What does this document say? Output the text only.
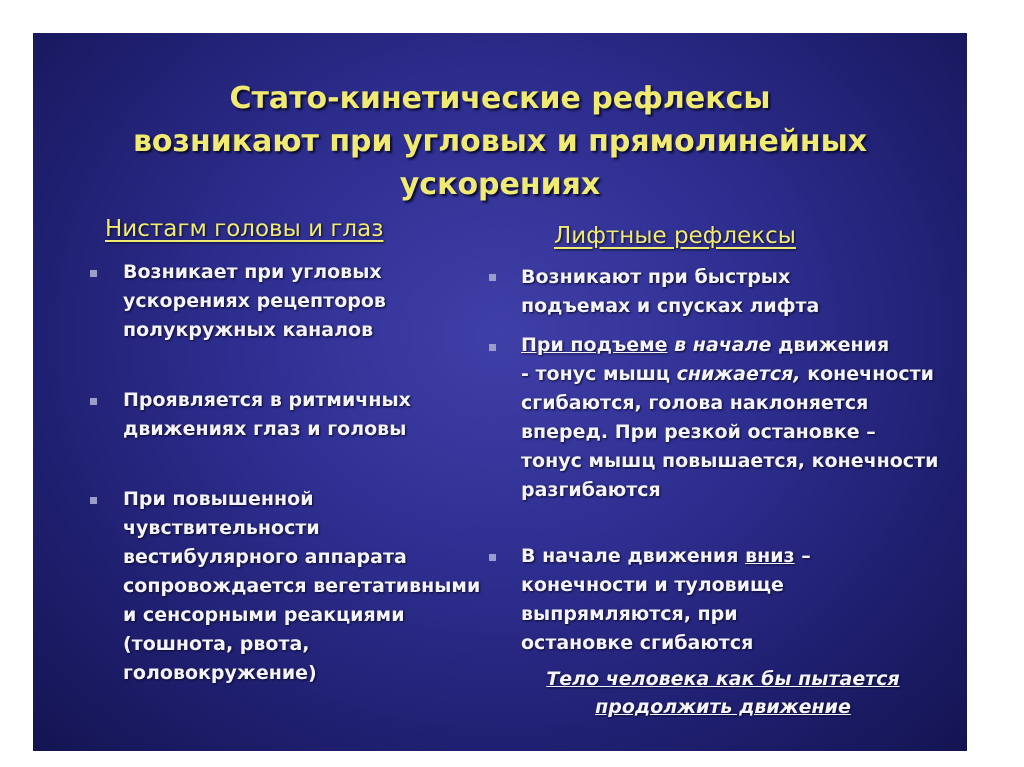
Стато-кинетические рефлексы
возникают при угловых и прямолинейных
ускорениях
Нистагм головы и глаз
Возникает при угловых ускорениях рецепторов полукружных каналов
Проявляется в ритмичных движениях глаз и головы
При повышенной чувствительности вестибулярного аппарата сопровождается вегетативными и сенсорными реакциями (тошнота, рвота, головокружение)
Лифтные рефлексы
Возникают при быстрых подъемах и спусках лифта
При подъеме в начале движения
- тонус мышц снижается, конечности сгибаются, голова наклоняется вперед. При резкой остановке – тонус мышц повышается, конечности разгибаются
В начале движения вниз – конечности и туловище выпрямляются, при остановке сгибаются
Тело человека как бы пытается
продолжить движение
